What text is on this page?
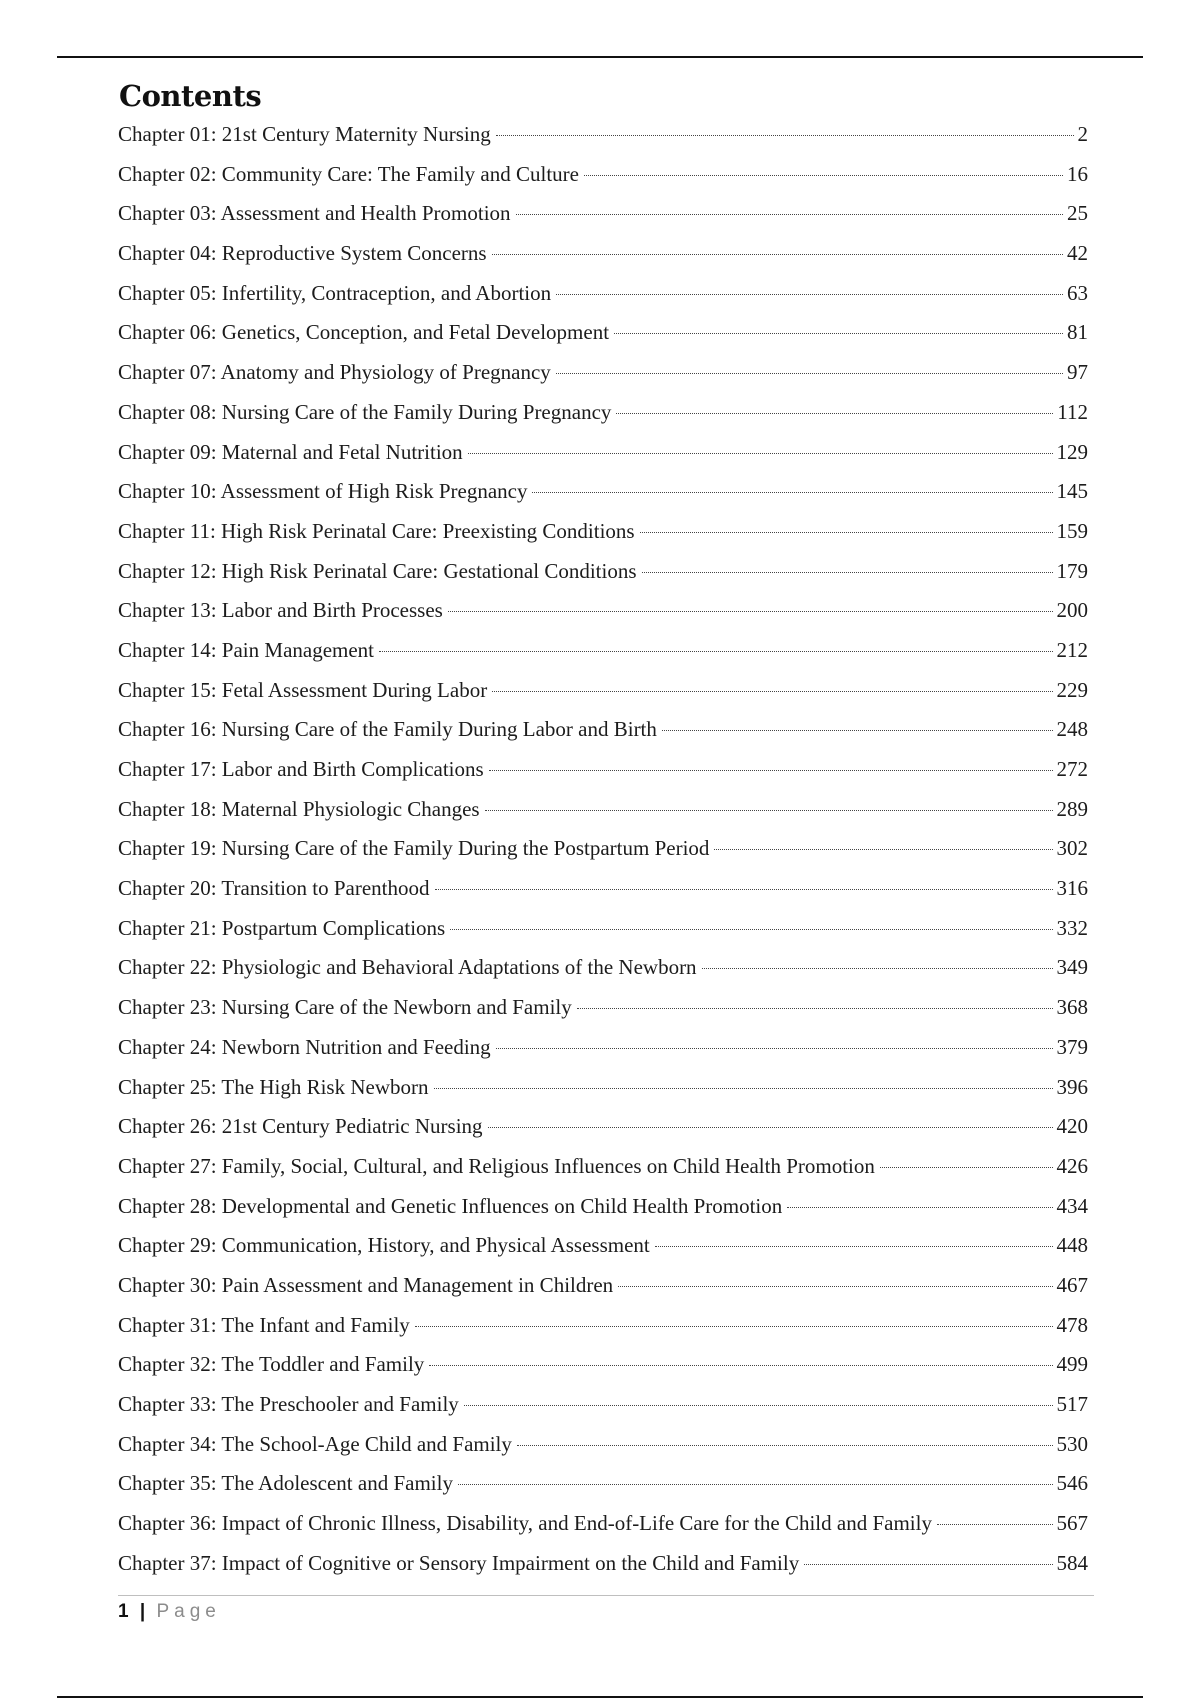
Contents
Chapter 01: 21st Century Maternity Nursing	2
Chapter 02: Community Care: The Family and Culture	16
Chapter 03: Assessment and Health Promotion	25
Chapter 04: Reproductive System Concerns	42
Chapter 05: Infertility, Contraception, and Abortion	63
Chapter 06: Genetics, Conception, and Fetal Development	81
Chapter 07: Anatomy and Physiology of Pregnancy	97
Chapter 08: Nursing Care of the Family During Pregnancy	112
Chapter 09: Maternal and Fetal Nutrition	129
Chapter 10: Assessment of High Risk Pregnancy	145
Chapter 11: High Risk Perinatal Care: Preexisting Conditions	159
Chapter 12: High Risk Perinatal Care: Gestational Conditions	179
Chapter 13: Labor and Birth Processes	200
Chapter 14: Pain Management	212
Chapter 15: Fetal Assessment During Labor	229
Chapter 16: Nursing Care of the Family During Labor and Birth	248
Chapter 17: Labor and Birth Complications	272
Chapter 18: Maternal Physiologic Changes	289
Chapter 19: Nursing Care of the Family During the Postpartum Period	302
Chapter 20: Transition to Parenthood	316
Chapter 21: Postpartum Complications	332
Chapter 22: Physiologic and Behavioral Adaptations of the Newborn	349
Chapter 23: Nursing Care of the Newborn and Family	368
Chapter 24: Newborn Nutrition and Feeding	379
Chapter 25: The High Risk Newborn	396
Chapter 26: 21st Century Pediatric Nursing	420
Chapter 27: Family, Social, Cultural, and Religious Influences on Child Health Promotion	426
Chapter 28: Developmental and Genetic Influences on Child Health Promotion	434
Chapter 29: Communication, History, and Physical Assessment	448
Chapter 30: Pain Assessment and Management in Children	467
Chapter 31: The Infant and Family	478
Chapter 32: The Toddler and Family	499
Chapter 33: The Preschooler and Family	517
Chapter 34: The School-Age Child and Family	530
Chapter 35: The Adolescent and Family	546
Chapter 36: Impact of Chronic Illness, Disability, and End-of-Life Care for the Child and Family	567
Chapter 37: Impact of Cognitive or Sensory Impairment on the Child and Family	584
1 | Page
